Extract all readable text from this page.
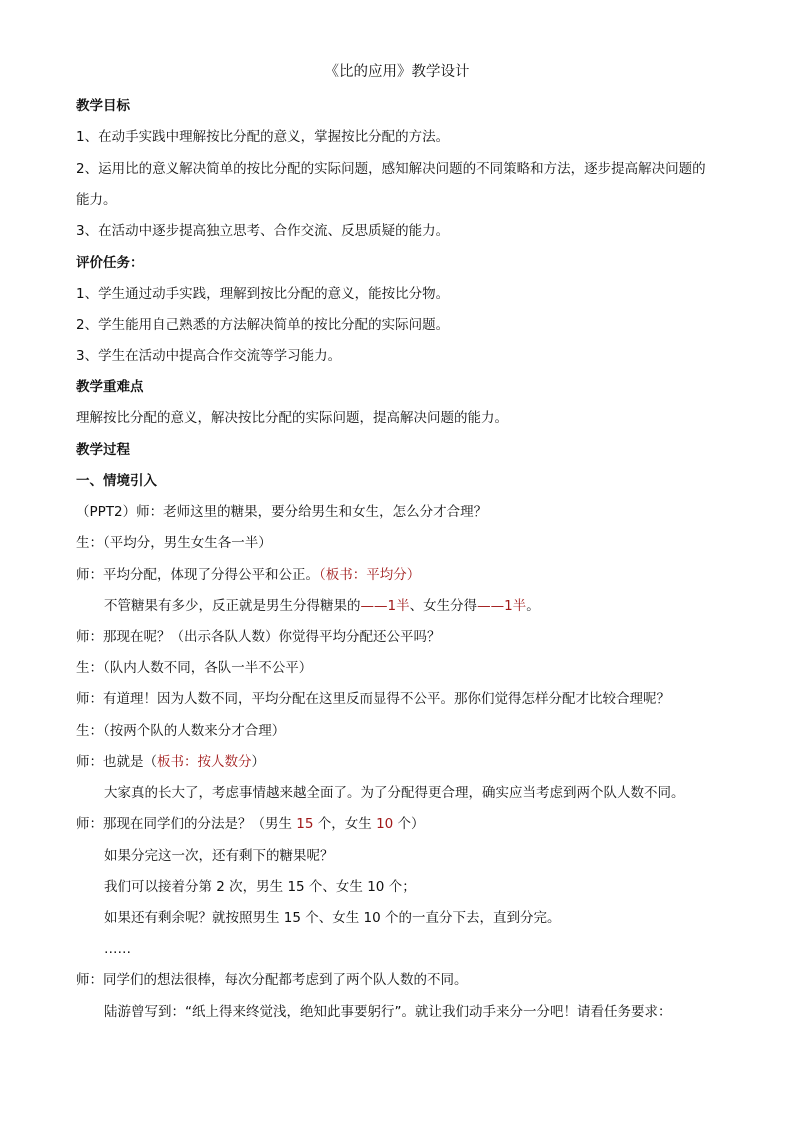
《比的应用》教学设计
教学目标
1、在动手实践中理解按比分配的意义，掌握按比分配的方法。
2、运用比的意义解决简单的按比分配的实际问题，感知解决问题的不同策略和方法，逐步提高解决问题的
能力。
3、在活动中逐步提高独立思考、合作交流、反思质疑的能力。
评价任务：
1、学生通过动手实践，理解到按比分配的意义，能按比分物。
2、学生能用自己熟悉的方法解决简单的按比分配的实际问题。
3、学生在活动中提高合作交流等学习能力。
教学重难点
理解按比分配的意义，解决按比分配的实际问题，提高解决问题的能力。
教学过程
一、情境引入
（PPT2）师：老师这里的糖果，要分给男生和女生，怎么分才合理？
生：（平均分，男生女生各一半）
师：平均分配，体现了分得公平和公正。（板书：平均分）
不管糖果有多少，反正就是男生分得糖果的——1半、女生分得——1半。
师：那现在呢？（出示各队人数）你觉得平均分配还公平吗？
生：（队内人数不同，各队一半不公平）
师：有道理！因为人数不同，平均分配在这里反而显得不公平。那你们觉得怎样分配才比较合理呢？
生：（按两个队的人数来分才合理）
师：也就是（板书：按人数分）
大家真的长大了，考虑事情越来越全面了。为了分配得更合理，确实应当考虑到两个队人数不同。
师：那现在同学们的分法是？（男生 15 个，女生 10 个）
如果分完这一次，还有剩下的糖果呢？
我们可以接着分第 2 次，男生 15 个、女生 10 个；
如果还有剩余呢？就按照男生 15 个、女生 10 个的一直分下去，直到分完。
……
师：同学们的想法很棒，每次分配都考虑到了两个队人数的不同。
陆游曾写到：“纸上得来终觉浅，绝知此事要躬行”。就让我们动手来分一分吧！请看任务要求：
